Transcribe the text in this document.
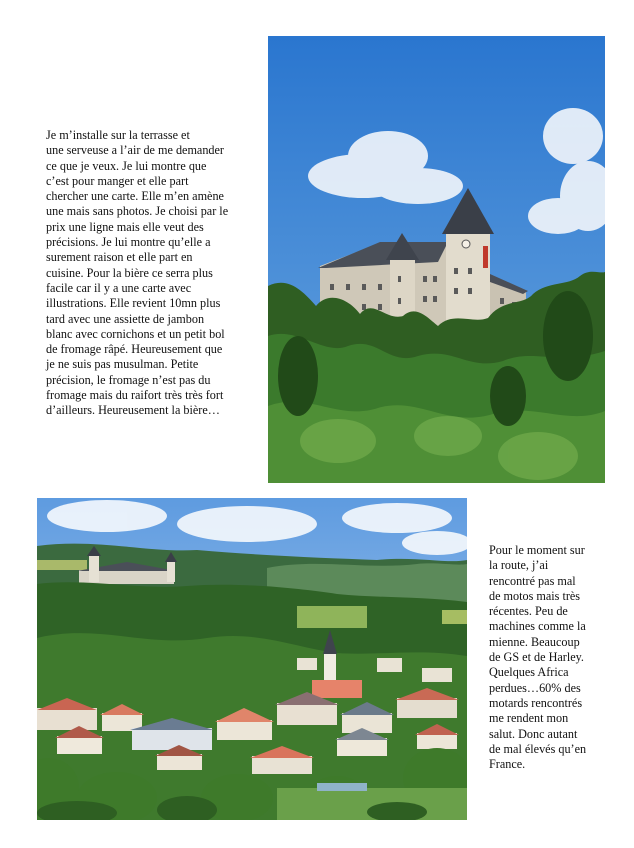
Je m’installe sur la terrasse et
une serveuse a l’air de me demander
ce que je veux. Je lui montre que
c’est pour manger et elle part
chercher une carte. Elle m’en amène
une mais sans photos. Je choisi par le
prix une ligne mais elle veut des
précisions. Je lui montre qu’elle a
surement raison et elle part en
cuisine. Pour la bière ce serra plus
facile car il y a une carte avec
illustrations. Elle revient 10mn plus
tard avec une assiette de jambon
blanc avec cornichons et un petit bol
de fromage râpé. Heureusement que
je ne suis pas musulman. Petite
précision, le fromage n’est pas du
fromage mais du raifort très très fort
d’ailleurs. Heureusement la bière…
Pour le moment sur
la route, j’ai
rencontré pas mal
de motos mais très
récentes. Peu de
machines comme la
mienne. Beaucoup
de GS et de Harley.
Quelques Africa
perdues…60% des
motards rencontrés
me rendent mon
salut. Donc autant
de mal élevés qu’en
France.
